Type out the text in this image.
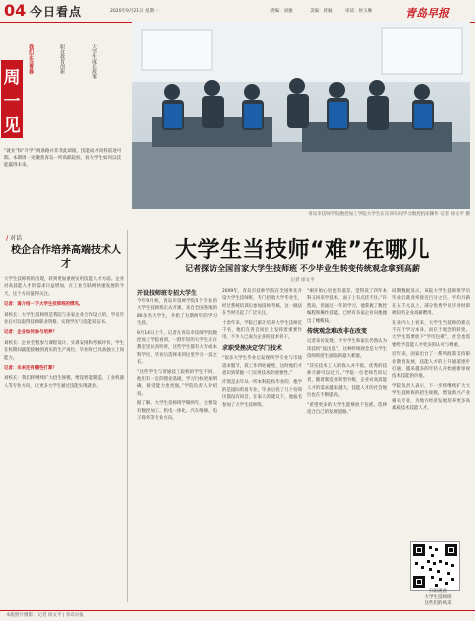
04 今日看点	2020年9月21日 星期一	责编：刘强	美编：蒋颖	审读：侯玉琳	青岛早报
周
一
见
我们正当青春	职业教育创新	大学生成长故事
“就业”和“升学”两条路并非非此即彼，技能成才同样前途可期。本期周一见聚焦青岛一所高职院校，看大学生如何以技能赢得未来。
青岛市技师学院数控加工学院大学生在实训车间学习数控机床操作 记者 徐文平 摄
/ 对话
校企合作培养高端技术人才

大学生技师班的出现，转到更加重视实用技能人才方面。企业对高技能人才的需求日益增加，在工业互联网快速发展的今天，这个方向值得关注。

记者：请介绍一下大学生技师班的情况。

刘校长：大学生技师班是我院与多家企业合作设立的，学员毕业后可以取得技师职业资格，实现学历与技能双证书。

记者：企业如何参与培养？

刘校长：企业全程参与课程设计、实训安排和考核评价，学生在校期间就能接触到真实的生产岗位，毕业时已具备独立上岗能力。

记者：未来还有哪些打算？

刘校长：我们将继续扩大招生规模，增设智能制造、工业机器人等专业方向，让更多大学生通过技能实现就业。

大学生当技师“难”在哪儿
记者探访全国首家大学生技师班 不少毕业生转变传统观念拿到高薪
记者 徐文平
开设技师班专招大学生

今年9月初，青岛市技师学院5个专业的大学生技师班正式开课，来自全国各地的80多名大学生，开始了为期两年的学习生涯。

9月14日上午，记者在青岛市技师学院数控加工学院看到，一群年轻的大学生正在教室里认真听讲，这些学生都有大专或本科学历，毕业后选择来到这里学习一技之长。

“这些学生与普通技工院校的学生不同，他们有一定的理论基础，学习目标更加明确，接受能力也更强。”学院负责人介绍说。

据了解，大学生技师班学制两年，主要设有数控加工、机电一体化、汽车维修、电子商务等专业方向。

2009年，青岛市技师学院在全国率先开设大学生技师班，专门招收大学毕业生，经过系统培训后参加技师考核，这一做法在当时引起了广泛关注。

十余年来，学院已累计培养大学生技师近千名，他们在各自岗位上发挥着重要作用，不少人已成为企业的技术骨干。

求职受挫决定学门技术

“很多大学生毕业后发现所学专业与市场需求脱节，找工作四处碰壁，这时他们才意识到掌握一门实用技术的重要性。”

许凯是去年从一所本科院校毕业的，他学的是国际贸易专业，毕业后投了几十份简历都没有回音，在家人的建议下，他报名参加了大学生技师班。

“刚开始心里也有落差，觉得读了四年本科又回来学技术，面子上有点挂不住。”许凯说，但通过一年的学习，他掌握了数控编程和操作技能，已经有多家企业向他抛出了橄榄枝。

传统观念难改非在改变

记者采访发现，不少学生和家长仍然认为读技校“没出息”，这种传统观念是大学生技师班招生面临的最大难题。

“其实技术工人的收入并不低，优秀的技师月薪可以过万。”学院一位老师告诉记者，随着制造业转型升级，企业对高技能人才的需求越来越大，技能人才的社会地位也在不断提高。

“希望更多的大学生能够放下包袱，选择适合自己的发展道路。”

同期数据显示，该院大学生技师班学员毕业后就业率接近百分之百，平均月薪在五千元以上，部分优秀学员毕业时即被知名企业高薪聘用。

在业内人士看来，大学生当技师的难点不在于学习本身，而在于观念的转变。大学生需要放下“学历包袱”，社会也需要给予技能人才更多的认可与尊重。

近年来，国家出台了一系列政策支持职业教育发展，技能人才的上升通道逐步打通，越来越多的年轻人开始重新审视技术技能的价值。

学院负责人表示，下一步将继续扩大大学生技师班的招生规模，增设新兴产业相关专业，为地方经济发展培养更多高素质技术技能人才。

扫码观看
大学生技师班
这些们的风采
本版照片摄影：记者 徐文平 | 青岛早报
